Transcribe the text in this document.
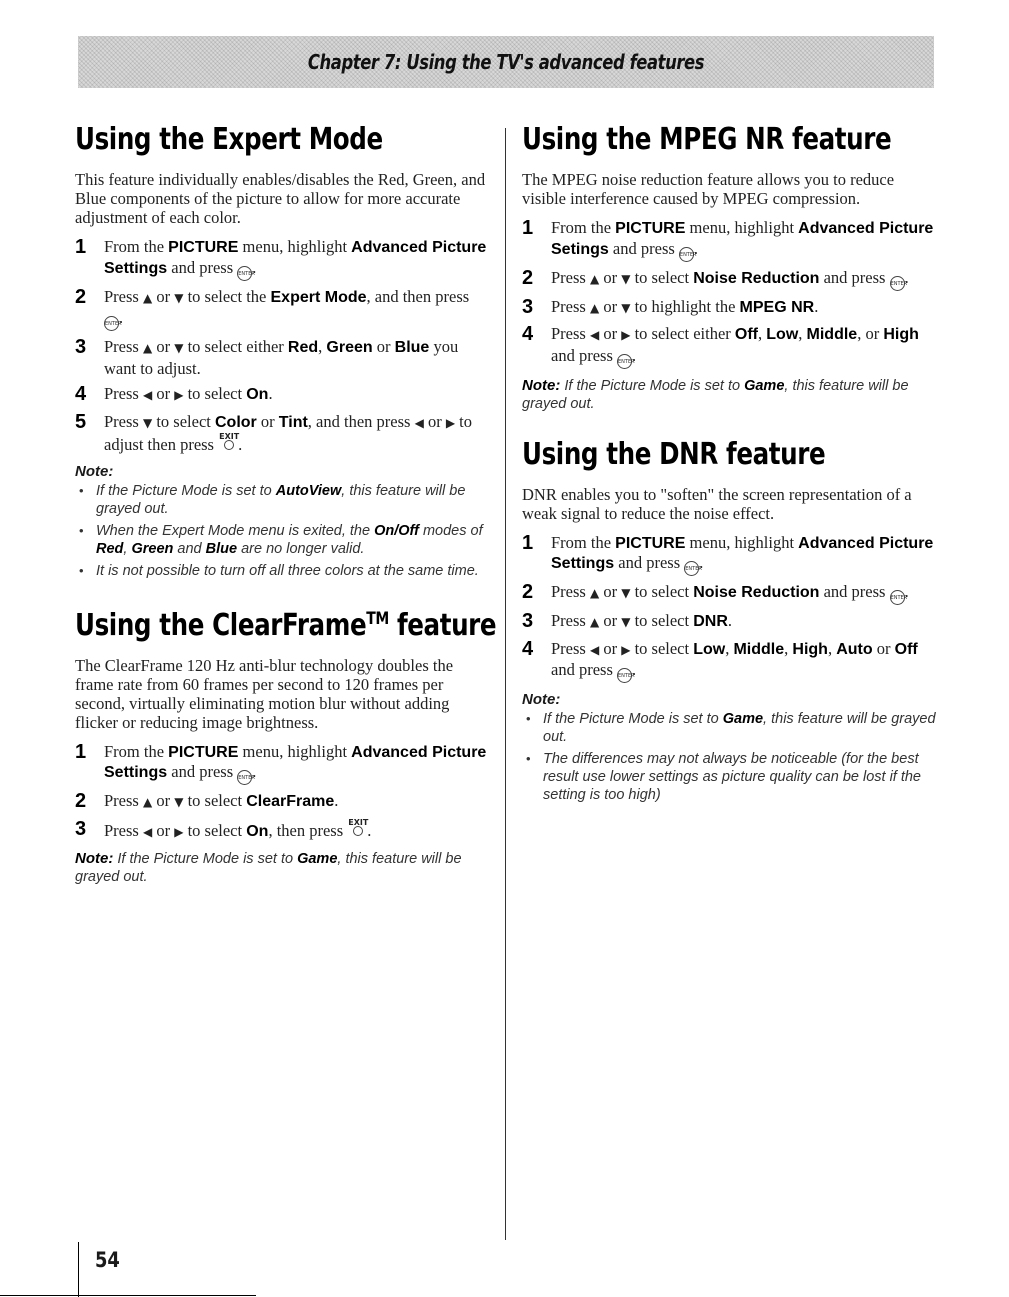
Chapter 7: Using the TV's advanced features
Using the Expert Mode

This feature individually enables/disables the Red, Green, and Blue components of the picture to allow for more accurate adjustment of each color.

1 From the PICTURE menu, highlight Advanced Picture Settings and press ENTER.
2 Press ▲ or ▼ to select the Expert Mode, and then press ENTER.
3 Press ▲ or ▼ to select either Red, Green or Blue you want to adjust.
4 Press ◀ or ▶ to select On.
5 Press ▼ to select Color or Tint, and then press ◀ or ▶ to adjust then press EXIT
.
Note:
• If the Picture Mode is set to AutoView, this feature will be grayed out.
• When the Expert Mode menu is exited, the On/Off modes of Red, Green and Blue are no longer valid.
• It is not possible to turn off all three colors at the same time.
Using the ClearFrame™ feature

The ClearFrame 120 Hz anti-blur technology doubles the frame rate from 60 frames per second to 120 frames per second, virtually eliminating motion blur without adding flicker or reducing image brightness.

1 From the PICTURE menu, highlight Advanced Picture Settings and press ENTER.
2 Press ▲ or ▼ to select ClearFrame.
3 Press ◀ or ▶ to select On, then press EXIT
.
Note: If the Picture Mode is set to Game, this feature will be grayed out.
Using the MPEG NR feature

The MPEG noise reduction feature allows you to reduce visible interference caused by MPEG compression.

1 From the PICTURE menu, highlight Advanced Picture Setings and press ENTER.
2 Press ▲ or ▼ to select Noise Reduction and press ENTER.
3 Press ▲ or ▼ to highlight the MPEG NR.
4 Press ◀ or ▶ to select either Off, Low, Middle, or High and press ENTER.
Note: If the Picture Mode is set to Game, this feature will be grayed out.
Using the DNR feature

DNR enables you to "soften" the screen representation of a weak signal to reduce the noise effect.

1 From the PICTURE menu, highlight Advanced Picture Settings and press ENTER.
2 Press ▲ or ▼ to select Noise Reduction and press ENTER.
3 Press ▲ or ▼ to select DNR.
4 Press ◀ or ▶ to select Low, Middle, High, Auto or Off and press ENTER.
Note:
• If the Picture Mode is set to Game, this feature will be grayed out.
• The differences may not always be noticeable (for the best result use lower settings as picture quality can be lost if the setting is too high)
54
